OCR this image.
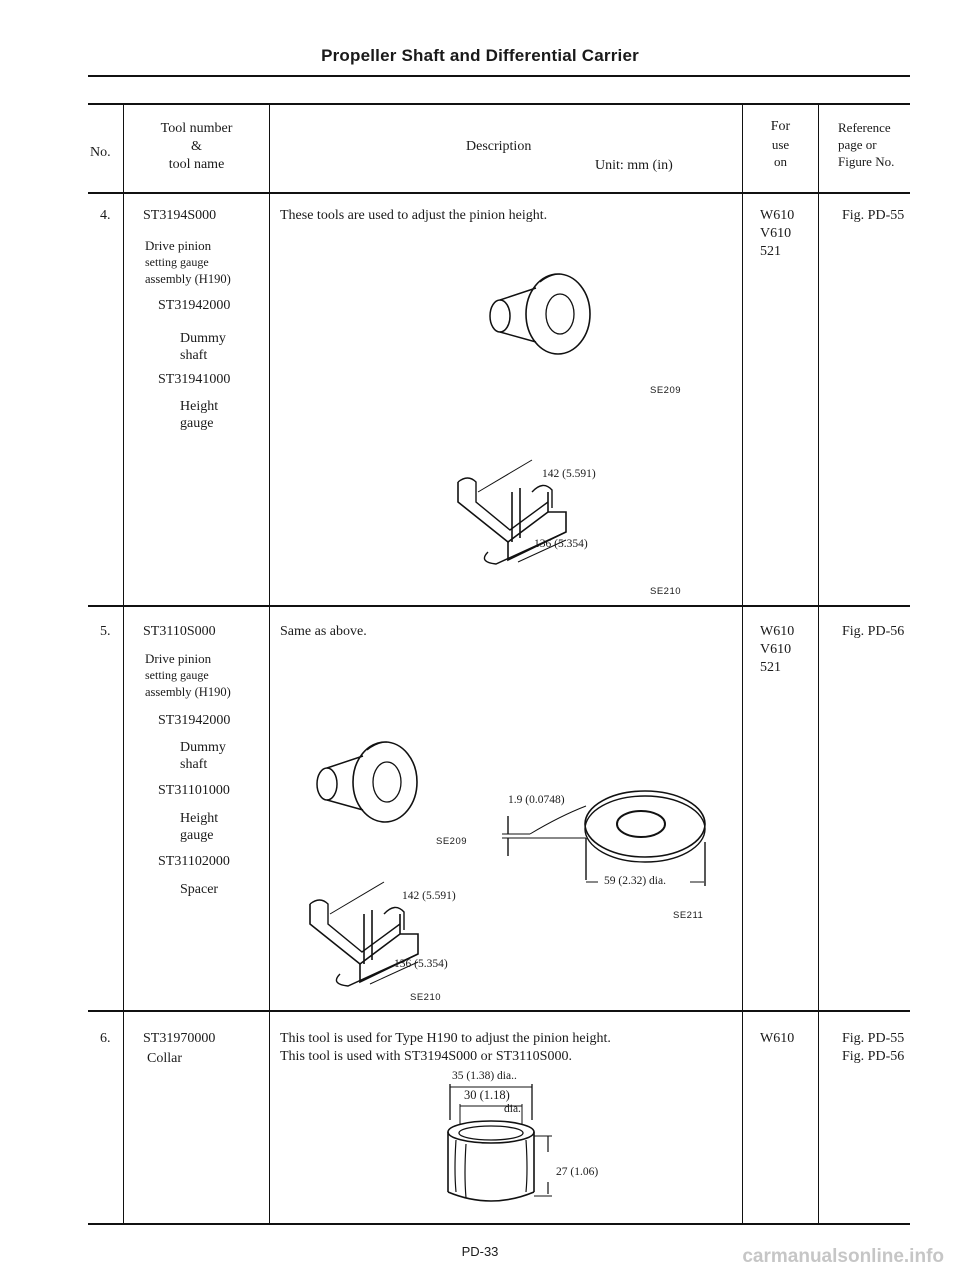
Propeller Shaft and Differential Carrier
No.
Tool number
&
tool name
Description
Unit: mm (in)
For
use
on
Reference
page or
Figure No.
4. ST3194S000
Drive pinion
setting gauge
assembly (H190)
ST31942000
Dummy
shaft
ST31941000
Height
gauge
These tools are used to adjust the pinion height.
SE209
142 (5.591)
136 (5.354)
SE210
W610
V610
521
Fig. PD-55
5. ST3110S000
Drive pinion
setting gauge
assembly (H190)
ST31942000
Dummy
shaft
ST31101000
Height
gauge
ST31102000
Spacer
Same as above.
SE209
142 (5.591)
136 (5.354)
SE210
1.9 (0.0748)
59 (2.32) dia.
SE211
W610
V610
521
Fig. PD-56
6. ST31970000
Collar
This tool is used for Type H190 to adjust the pinion height.
This tool is used with ST3194S000 or ST3110S000.
35 (1.38) dia..
30 (1.18)
dia.
27 (1.06)
W610	Fig. PD-55
Fig. PD-56
PD-33	carmanualsonline.info
